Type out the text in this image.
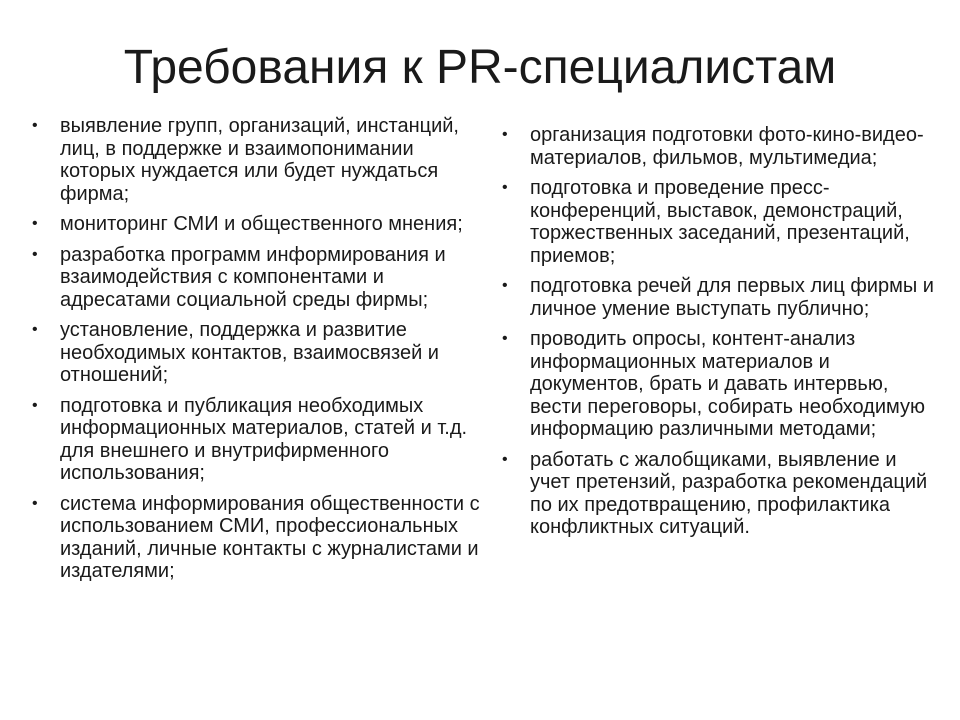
Требования к PR-специалистам
• выявление групп, организаций, инстанций, лиц, в поддержке и взаимопонимании которых нуждается или будет нуждаться фирма;
• мониторинг СМИ и общественного мнения;
• разработка программ информирования и взаимодействия с компонентами и адресатами социальной среды фирмы;
• установление, поддержка и развитие необходимых контактов, взаимосвязей и отношений;
• подготовка и публикация необходимых информационных материалов, статей и т.д. для внешнего и внутрифирменного использования;
• система информирования общественности с использованием СМИ, профессиональных изданий, личные контакты с журналистами и издателями;
• организация подготовки фото-кино-видео-материалов, фильмов, мультимедиа;
• подготовка и проведение пресс-конференций, выставок, демонстраций, торжественных заседаний, презентаций, приемов;
• подготовка речей для первых лиц фирмы и личное умение выступать публично;
• проводить опросы, контент-анализ информационных материалов и документов, брать и давать интервью, вести переговоры, собирать необходимую информацию различными методами;
• работать с жалобщиками, выявление и учет претензий, разработка рекомендаций по их предотвращению, профилактика конфликтных ситуаций.
